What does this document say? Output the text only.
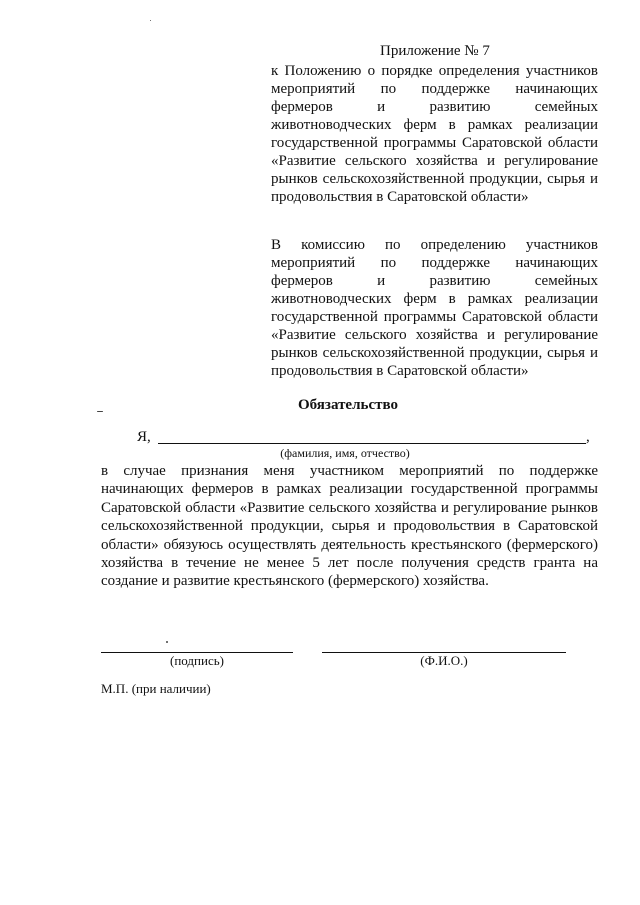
Приложение № 7
к Положению о порядке определения участников мероприятий по поддержке начинающих фермеров и развитию семейных животноводческих ферм в рамках реализации государственной программы Саратовской области «Развитие сельского хозяйства и регулирование рынков сельскохозяйственной продукции, сырья и продовольствия в Саратовской области»
В комиссию по определению участников мероприятий по поддержке начинающих фермеров и развитию семейных животноводческих ферм в рамках реализации государственной программы Саратовской области «Развитие сельского хозяйства и регулирование рынков сельскохозяйственной продукции, сырья и продовольствия в Саратовской области»
Обязательство
Я,	,
(фамилия, имя, отчество)
в случае признания меня участником мероприятий по поддержке начинающих фермеров в рамках реализации государственной программы Саратовской области «Развитие сельского хозяйства и регулирование рынков сельскохозяйственной продукции, сырья и продовольствия в Саратовской области» обязуюсь осуществлять деятельность крестьянского (фермерского) хозяйства в течение не менее 5 лет после получения средств гранта на создание и развитие крестьянского (фермерского) хозяйства.
(подпись)	(Ф.И.О.)
М.П. (при наличии)
